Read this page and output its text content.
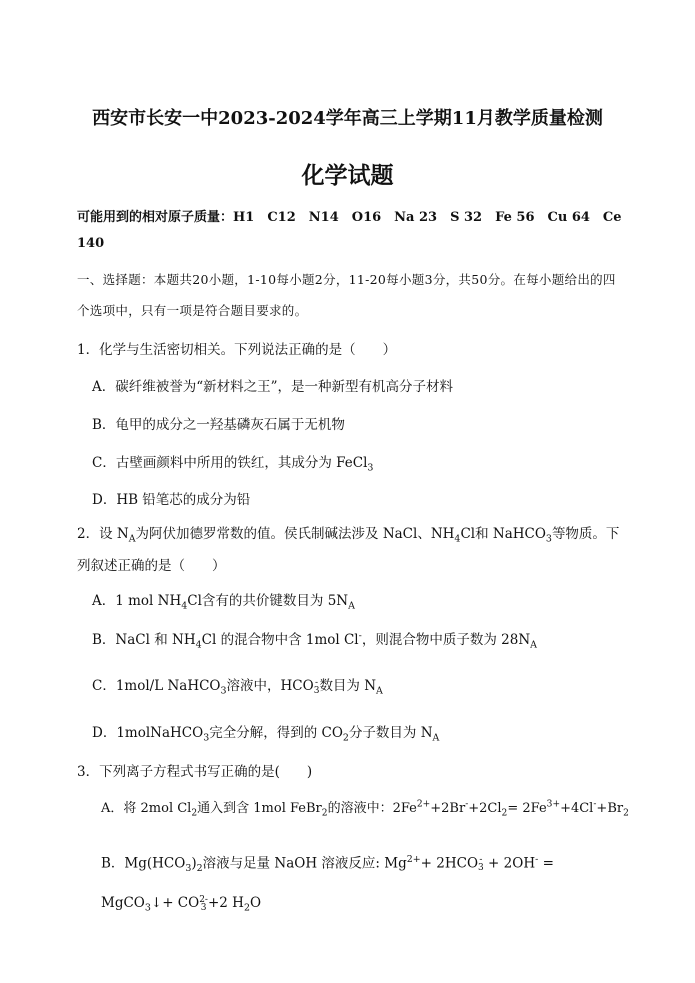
西安市长安一中2023-2024学年高三上学期11月教学质量检测
化学试题
可能用到的相对原子质量：H1　C12　N14　O16　Na 23　S 32　Fe 56　Cu 64　Ce 140
一、选择题：本题共20小题，1-10每小题2分，11-20每小题3分，共50分。在每小题给出的四个选项中，只有一项是符合题目要求的。
1．化学与生活密切相关。下列说法正确的是（　　）
A．碳纤维被誉为“新材料之王”，是一种新型有机高分子材料
B．龟甲的成分之一羟基磷灰石属于无机物
C．古壁画颜料中所用的铁红，其成分为 FeCl$_3$
D．HB 铅笔芯的成分为铅
2．设 $N_A$为阿伏加德罗常数的值。侯氏制碱法涉及 NaCl、$NH_4Cl$和 NaHCO$_3$等物质。下列叙述正确的是（　　）
A．1 mol $NH_4Cl$含有的共价键数目为 $5N_A$
B．NaCl 和 $NH_4Cl$ 的混合物中含 1mol Cl-，则混合物中质子数为 $28N_A$
C．1mol/L NaHCO$_3$溶液中，HCO-
3数目为 $N_A$
D．1molNaHCO$_3$完全分解，得到的 $CO_2$分子数目为 $N_A$
3．下列离子方程式书写正确的是(　　)
A．将 2mol $Cl_2$通入到含 1mol FeBr$_2$的溶液中：$2Fe^{2+}+2Br^-+2Cl_2= 2Fe^{3+}+4Cl^-+Br_2$
B．$Mg(HCO_3)_2$溶液与足量 NaOH 溶液反应: $Mg^{2+}+ 2HCO-$
3 + 2OH- = MgCO$_3$↓+ CO2-
3 +2 $H_2O$
